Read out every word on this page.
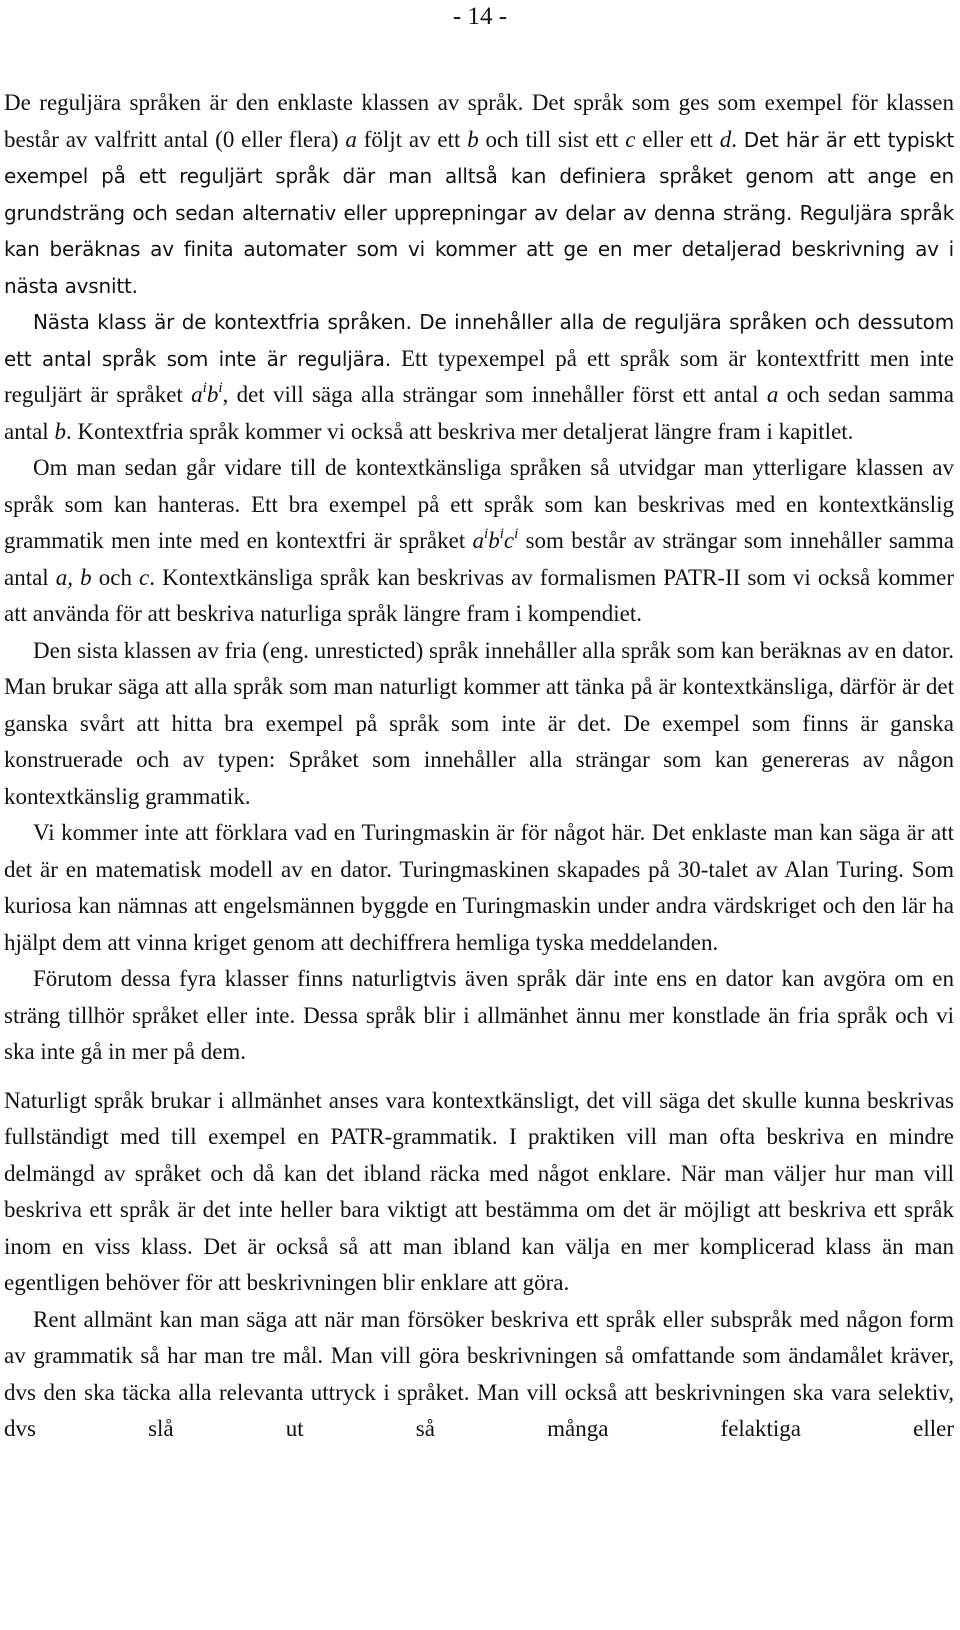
- 14 -

De reguljära språken är den enklaste klassen av språk. Det språk som ges som exempel för klassen består av valfritt antal (0 eller flera) a följt av ett b och till sist ett c eller ett d. Det här är ett typiskt exempel på ett reguljärt språk där man alltså kan definiera språket genom att ange en grundsträng och sedan alternativ eller upprepningar av delar av denna sträng. Reguljära språk kan beräknas av finita automater som vi kommer att ge en mer detaljerad beskrivning av i nästa avsnitt.

Nästa klass är de kontextfria språken. De innehåller alla de reguljära språken och dessutom ett antal språk som inte är reguljära. Ett typexempel på ett språk som är kontextfritt men inte reguljärt är språket $a^ib^i$, det vill säga alla strängar som innehåller först ett antal a och sedan samma antal b. Kontextfria språk kommer vi också att beskriva mer detaljerat längre fram i kapitlet.

Om man sedan går vidare till de kontextkänsliga språken så utvidgar man ytterligare klassen av språk som kan hanteras. Ett bra exempel på ett språk som kan beskrivas med en kontextkänslig grammatik men inte med en kontextfri är språket $a^ib^ic^i$ som består av strängar som innehåller samma antal a, b och c. Kontextkänsliga språk kan beskrivas av formalismen PATR-II som vi också kommer att använda för att beskriva naturliga språk längre fram i kompendiet.

Den sista klassen av fria (eng. unresticted) språk innehåller alla språk som kan beräknas av en dator. Man brukar säga att alla språk som man naturligt kommer att tänka på är kontextkänsliga, därför är det ganska svårt att hitta bra exempel på språk som inte är det. De exempel som finns är ganska konstruerade och av typen: Språket som innehåller alla strängar som kan genereras av någon kontextkänslig grammatik.

Vi kommer inte att förklara vad en Turingmaskin är för något här. Det enklaste man kan säga är att det är en matematisk modell av en dator. Turingmaskinen skapades på 30-talet av Alan Turing. Som kuriosa kan nämnas att engelsmännen byggde en Turingmaskin under andra värdskriget och den lär ha hjälpt dem att vinna kriget genom att dechiffrera hemliga tyska meddelanden.

Förutom dessa fyra klasser finns naturligtvis även språk där inte ens en dator kan avgöra om en sträng tillhör språket eller inte. Dessa språk blir i allmänhet ännu mer konstlade än fria språk och vi ska inte gå in mer på dem.

Naturligt språk brukar i allmänhet anses vara kontextkänsligt, det vill säga det skulle kunna beskrivas fullständigt med till exempel en PATR-grammatik. I praktiken vill man ofta beskriva en mindre delmängd av språket och då kan det ibland räcka med något enklare. När man väljer hur man vill beskriva ett språk är det inte heller bara viktigt att bestämma om det är möjligt att beskriva ett språk inom en viss klass. Det är också så att man ibland kan välja en mer komplicerad klass än man egentligen behöver för att beskrivningen blir enklare att göra.

Rent allmänt kan man säga att när man försöker beskriva ett språk eller subspråk med någon form av grammatik så har man tre mål. Man vill göra beskrivningen så omfattande som ändamålet kräver, dvs den ska täcka alla relevanta uttryck i språket. Man vill också att beskrivningen ska vara selektiv, dvs slå ut så många felaktiga eller
